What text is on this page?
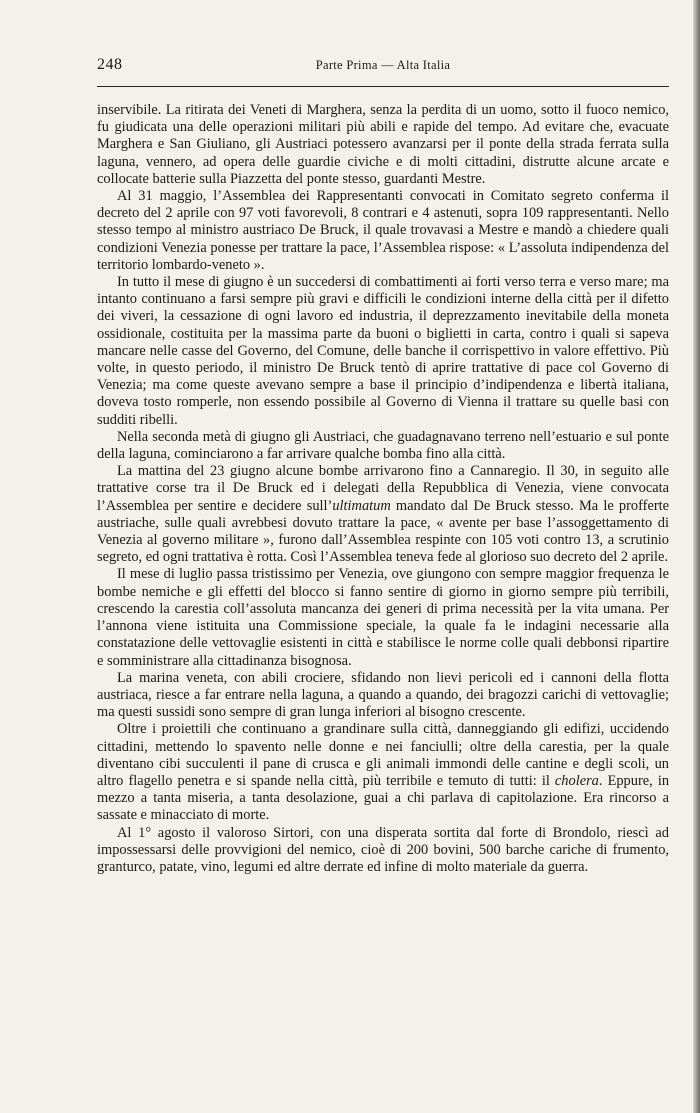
248	Parte Prima — Alta Italia

inservibile. La ritirata dei Veneti di Marghera, senza la perdita di un uomo, sotto il fuoco nemico, fu giudicata una delle operazioni militari più abili e rapide del tempo. Ad evitare che, evacuate Marghera e San Giuliano, gli Austriaci potessero avanzarsi per il ponte della strada ferrata sulla laguna, vennero, ad opera delle guardie civiche e di molti cittadini, distrutte alcune arcate e collocate batterie sulla Piazzetta del ponte stesso, guardanti Mestre.

Al 31 maggio, l’Assemblea dei Rappresentanti convocati in Comitato segreto conferma il decreto del 2 aprile con 97 voti favorevoli, 8 contrari e 4 astenuti, sopra 109 rappresentanti. Nello stesso tempo al ministro austriaco De Bruck, il quale trovavasi a Mestre e mandò a chiedere quali condizioni Venezia ponesse per trattare la pace, l’Assemblea rispose: « L’assoluta indipendenza del territorio lombardo-veneto ».

In tutto il mese di giugno è un succedersi di combattimenti ai forti verso terra e verso mare; ma intanto continuano a farsi sempre più gravi e difficili le condizioni interne della città per il difetto dei viveri, la cessazione di ogni lavoro ed industria, il deprezzamento inevitabile della moneta ossidionale, costituita per la massima parte da buoni o biglietti in carta, contro i quali si sapeva mancare nelle casse del Governo, del Comune, delle banche il corrispettivo in valore effettivo. Più volte, in questo periodo, il ministro De Bruck tentò di aprire trattative di pace col Governo di Venezia; ma come queste avevano sempre a base il principio d’indipendenza e libertà italiana, doveva tosto romperle, non essendo possibile al Governo di Vienna il trattare su quelle basi con sudditi ribelli.

Nella seconda metà di giugno gli Austriaci, che guadagnavano terreno nell’estuario e sul ponte della laguna, cominciarono a far arrivare qualche bomba fino alla città.

La mattina del 23 giugno alcune bombe arrivarono fino a Cannaregio. Il 30, in seguito alle trattative corse tra il De Bruck ed i delegati della Repubblica di Venezia, viene convocata l’Assemblea per sentire e decidere sull’ultimatum mandato dal De Bruck stesso. Ma le profferte austriache, sulle quali avrebbesi dovuto trattare la pace, « avente per base l’assoggettamento di Venezia al governo militare », furono dall’Assemblea respinte con 105 voti contro 13, a scrutinio segreto, ed ogni trattativa è rotta. Così l’Assemblea teneva fede al glorioso suo decreto del 2 aprile.

Il mese di luglio passa tristissimo per Venezia, ove giungono con sempre maggior frequenza le bombe nemiche e gli effetti del blocco si fanno sentire di giorno in giorno sempre più terribili, crescendo la carestia coll’assoluta mancanza dei generi di prima necessità per la vita umana. Per l’annona viene istituita una Commissione speciale, la quale fa le indagini necessarie alla constatazione delle vettovaglie esistenti in città e stabilisce le norme colle quali debbonsi ripartire e somministrare alla cittadinanza bisognosa.

La marina veneta, con abili crociere, sfidando non lievi pericoli ed i cannoni della flotta austriaca, riesce a far entrare nella laguna, a quando a quando, dei bragozzi carichi di vettovaglie; ma questi sussidi sono sempre di gran lunga inferiori al bisogno crescente.

Oltre i proiettili che continuano a grandinare sulla città, danneggiando gli edifizi, uccidendo cittadini, mettendo lo spavento nelle donne e nei fanciulli; oltre della carestia, per la quale diventano cibi succulenti il pane di crusca e gli animali immondi delle cantine e degli scoli, un altro flagello penetra e si spande nella città, più terribile e temuto di tutti: il cholera. Eppure, in mezzo a tanta miseria, a tanta desolazione, guai a chi parlava di capitolazione. Era rincorso a sassate e minacciato di morte.

Al 1° agosto il valoroso Sirtori, con una disperata sortita dal forte di Brondolo, riescì ad impossessarsi delle provvigioni del nemico, cioè di 200 bovini, 500 barche cariche di frumento, granturco, patate, vino, legumi ed altre derrate ed infine di molto materiale da guerra.
